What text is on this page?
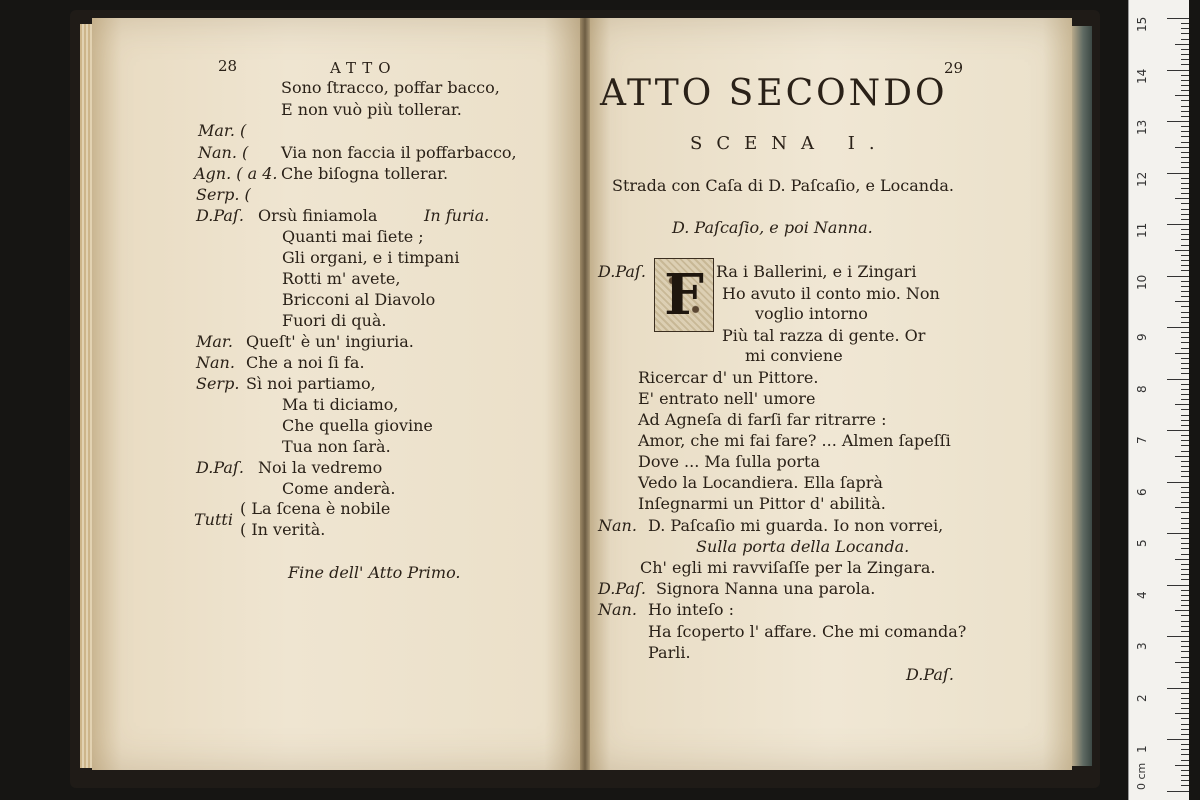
28	ATTO
Sono ſtracco, poffar bacco,
E non vuò più tollerar.
Mar. (
Nan. ( Via non faccia il poffarbacco,
Agn. ( a 4. Che biſogna tollerar.
Serp. (
D.Paſ. Orsù finiamola	In furia.
Quanti mai ſiete ;
Gli organi, e i timpani
Rotti m' avete,
Bricconi al Diavolo
Fuori di quà.
Mar. Queſt' è un' ingiuria.
Nan. Che a noi ſi fa.
Serp. Sì noi partiamo,
Ma ti diciamo,
Che quella giovine
Tua non ſarà.
D.Paſ. Noi la vedremo
Come anderà.
Tutti
( La ſcena è nobile
( In verità.
Fine dell' Atto Primo.
29
ATTO SECONDO
SCENA I.
Strada con Caſa di D. Paſcaſio, e Locanda.
D. Paſcaſio, e poi Nanna.
F
D.Paſ.	Ra i Ballerini, e i Zingari
Ho avuto il conto mio. Non
voglio intorno
Più tal razza di gente. Or
mi conviene
Ricercar d' un Pittore.
E' entrato nell' umore
Ad Agneſa di farſi far ritrarre :
Amor, che mi fai fare? ... Almen ſapeſſi
Dove ... Ma ſulla porta
Vedo la Locandiera. Ella ſaprà
Inſegnarmi un Pittor d' abilità.
Nan. D. Paſcaſio mi guarda. Io non vorrei,
Sulla porta della Locanda.
Ch' egli mi ravviſaſſe per la Zingara.
D.Paſ. Signora Nanna una parola.
Nan. Ho inteſo :
Ha ſcoperto l' affare. Che mi comanda?
Parli.
D.Paſ.
0 cm
15
14
13
12
11
10
9
8
7
6
5
4
3
2
1
